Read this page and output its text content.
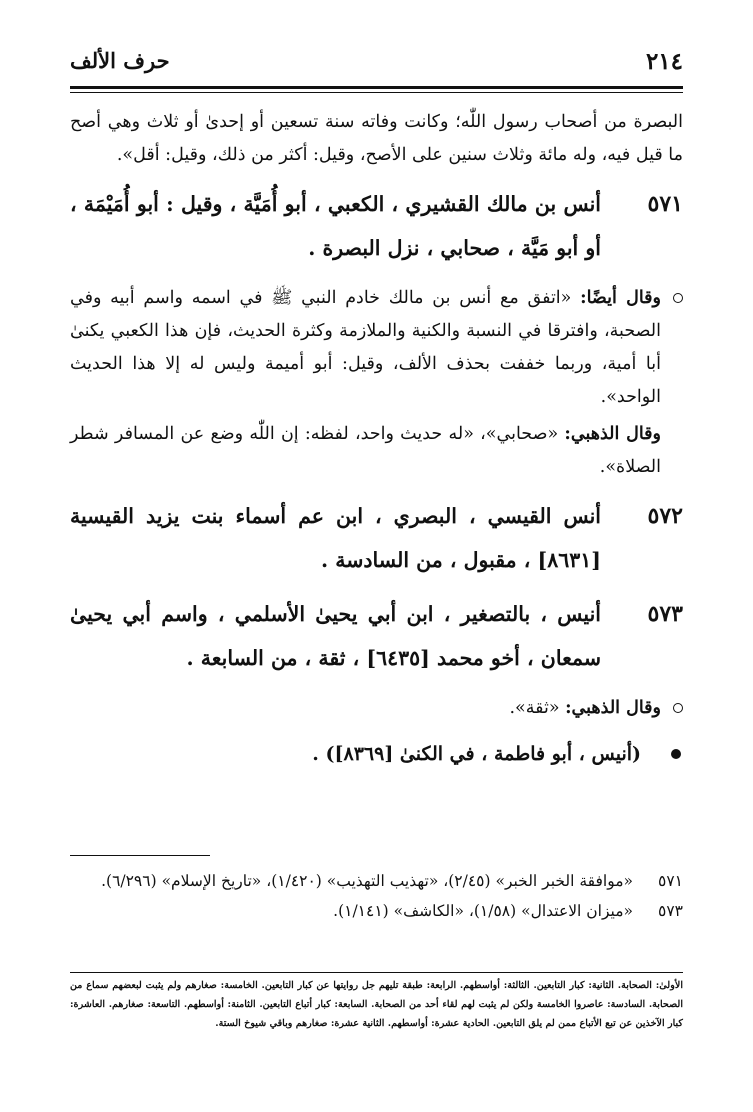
٢١٤
حرف الألف

البصرة من أصحاب رسول اللّٰه؛ وكانت وفاته سنة تسعين أو إحدىٰ أو ثلاث وهي أصح ما قيل فيه، وله مائة وثلاث سنين على الأصح، وقيل: أكثر من ذلك، وقيل: أقل».

٥٧١
أنس بن مالك القشيري ، الكعبي ، أبو أُمَيَّة ، وقيل : أبو أُمَيْمَة ، أو أبو مَيَّة ، صحابي ، نزل البصرة .
وقال أيضًا: «اتفق مع أنس بن مالك خادم النبي ﷺ في اسمه واسم أبيه وفي الصحبة، وافترقا في النسبة والكنية والملازمة وكثرة الحديث، فإن هذا الكعبي يكنىٰ أبا أمية، وربما خففت بحذف الألف، وقيل: أبو أميمة وليس له إلا هذا الحديث الواحد».
وقال الذهبي: «صحابي»، «له حديث واحد، لفظه: إن اللّٰه وضع عن المسافر شطر الصلاة».
٥٧٢
أنس القيسي ، البصري ، ابن عم أسماء بنت يزيد القيسية [٨٦٣١] ، مقبول ، من السادسة .
٥٧٣
أنيس ، بالتصغير ، ابن أبي يحيىٰ الأسلمي ، واسم أبي يحيىٰ سمعان ، أخو محمد [٦٤٣٥] ، ثقة ، من السابعة .
وقال الذهبي: «ثقة».
(أنيس ، أبو فاطمة ، في الكنىٰ [٨٣٦٩]) .
٥٧١
«موافقة الخبر الخبر» (٢/٤٥)، «تهذيب التهذيب» (١/٤٢٠)، «تاريخ الإسلام» (٦/٢٩٦).
٥٧٣
«ميزان الاعتدال» (١/٥٨)، «الكاشف» (١/١٤١).

الأولىٰ: الصحابة. الثانية: كبار التابعين. الثالثة: أواسطهم. الرابعة: طبقة تليهم جل روايتها عن كبار التابعين. الخامسة: صغارهم ولم يثبت لبعضهم سماع من الصحابة. السادسة: عاصروا الخامسة ولكن لم يثبت لهم لقاء أحد من الصحابة. السابعة: كبار أتباع التابعين. الثامنة: أواسطهم. التاسعة: صغارهم. العاشرة: كبار الآخذين عن تبع الأتباع ممن لم يلق التابعين. الحادية عشرة: أواسطهم. الثانية عشرة: صغارهم وباقي شيوخ الستة.
